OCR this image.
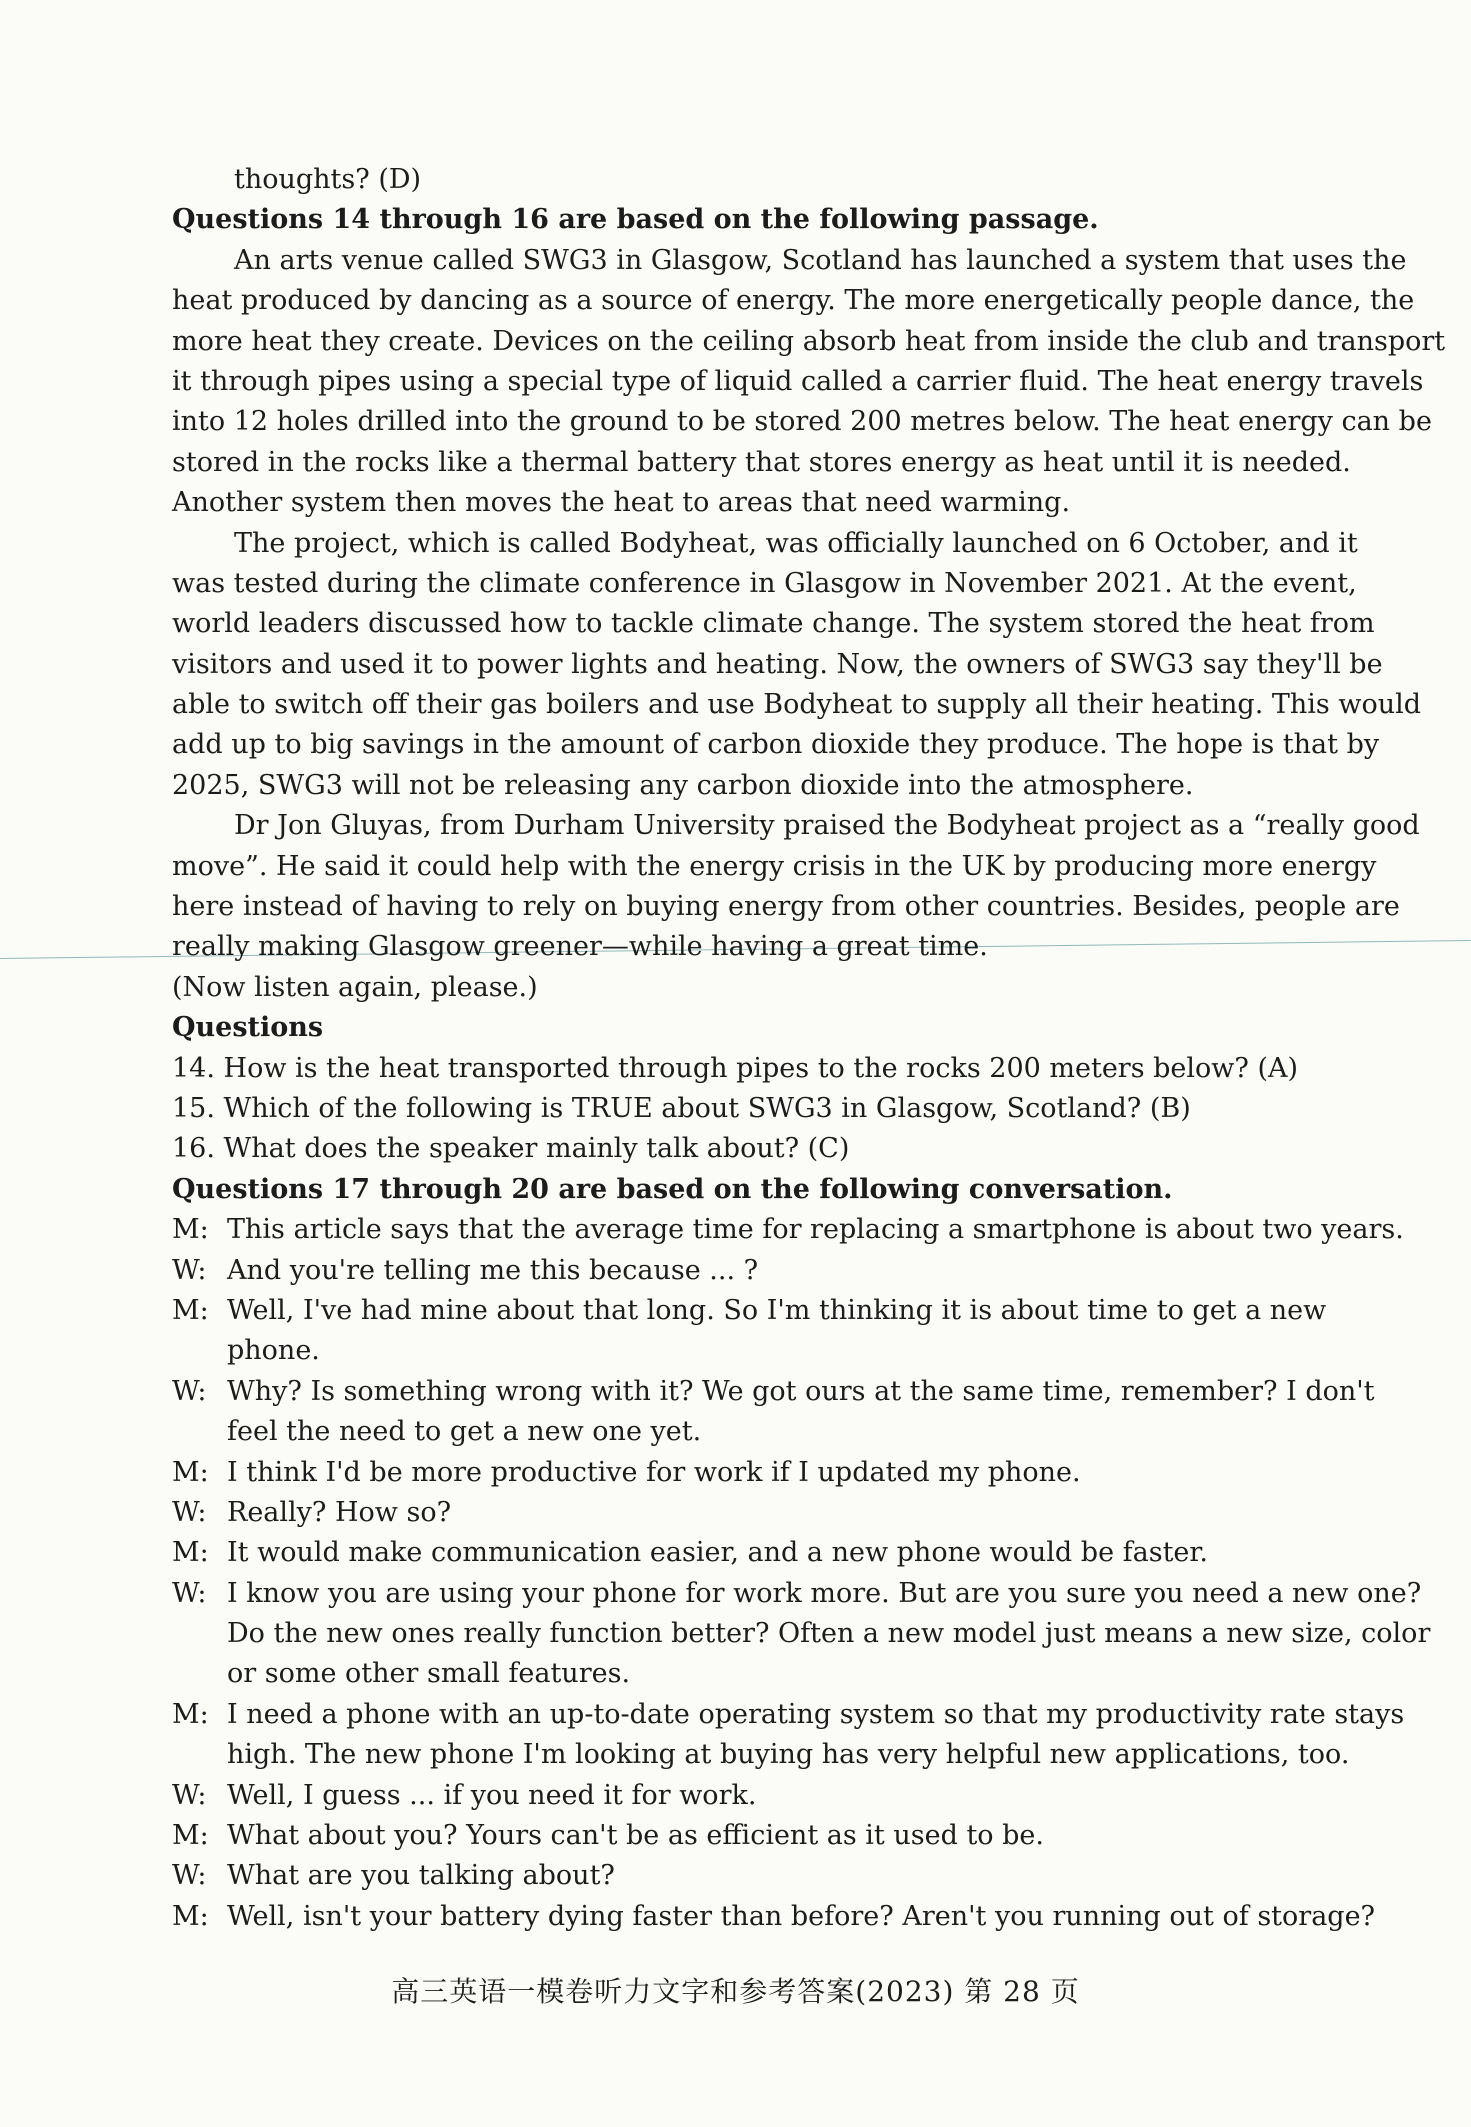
thoughts? (D)
Questions 14 through 16 are based on the following passage.
An arts venue called SWG3 in Glasgow, Scotland has launched a system that uses the
heat produced by dancing as a source of energy. The more energetically people dance, the
more heat they create. Devices on the ceiling absorb heat from inside the club and transport
it through pipes using a special type of liquid called a carrier fluid. The heat energy travels
into 12 holes drilled into the ground to be stored 200 metres below. The heat energy can be
stored in the rocks like a thermal battery that stores energy as heat until it is needed.
Another system then moves the heat to areas that need warming.
The project, which is called Bodyheat, was officially launched on 6 October, and it
was tested during the climate conference in Glasgow in November 2021. At the event,
world leaders discussed how to tackle climate change. The system stored the heat from
visitors and used it to power lights and heating. Now, the owners of SWG3 say they'll be
able to switch off their gas boilers and use Bodyheat to supply all their heating. This would
add up to big savings in the amount of carbon dioxide they produce. The hope is that by
2025, SWG3 will not be releasing any carbon dioxide into the atmosphere.
Dr Jon Gluyas, from Durham University praised the Bodyheat project as a “really good
move”. He said it could help with the energy crisis in the UK by producing more energy
here instead of having to rely on buying energy from other countries. Besides, people are
really making Glasgow greener—while having a great time.
(Now listen again, please.)
Questions
14. How is the heat transported through pipes to the rocks 200 meters below? (A)
15. Which of the following is TRUE about SWG3 in Glasgow, Scotland? (B)
16. What does the speaker mainly talk about? (C)
Questions 17 through 20 are based on the following conversation.
M: This article says that the average time for replacing a smartphone is about two years.
W: And you're telling me this because ... ?
M: Well, I've had mine about that long. So I'm thinking it is about time to get a new
phone.
W: Why? Is something wrong with it? We got ours at the same time, remember? I don't
feel the need to get a new one yet.
M: I think I'd be more productive for work if I updated my phone.
W: Really? How so?
M: It would make communication easier, and a new phone would be faster.
W: I know you are using your phone for work more. But are you sure you need a new one?
Do the new ones really function better? Often a new model just means a new size, color
or some other small features.
M: I need a phone with an up-to-date operating system so that my productivity rate stays
high. The new phone I'm looking at buying has very helpful new applications, too.
W: Well, I guess ... if you need it for work.
M: What about you? Yours can't be as efficient as it used to be.
W: What are you talking about?
M: Well, isn't your battery dying faster than before? Aren't you running out of storage?
高三英语一模卷听力文字和参考答案(2023) 第 28 页
